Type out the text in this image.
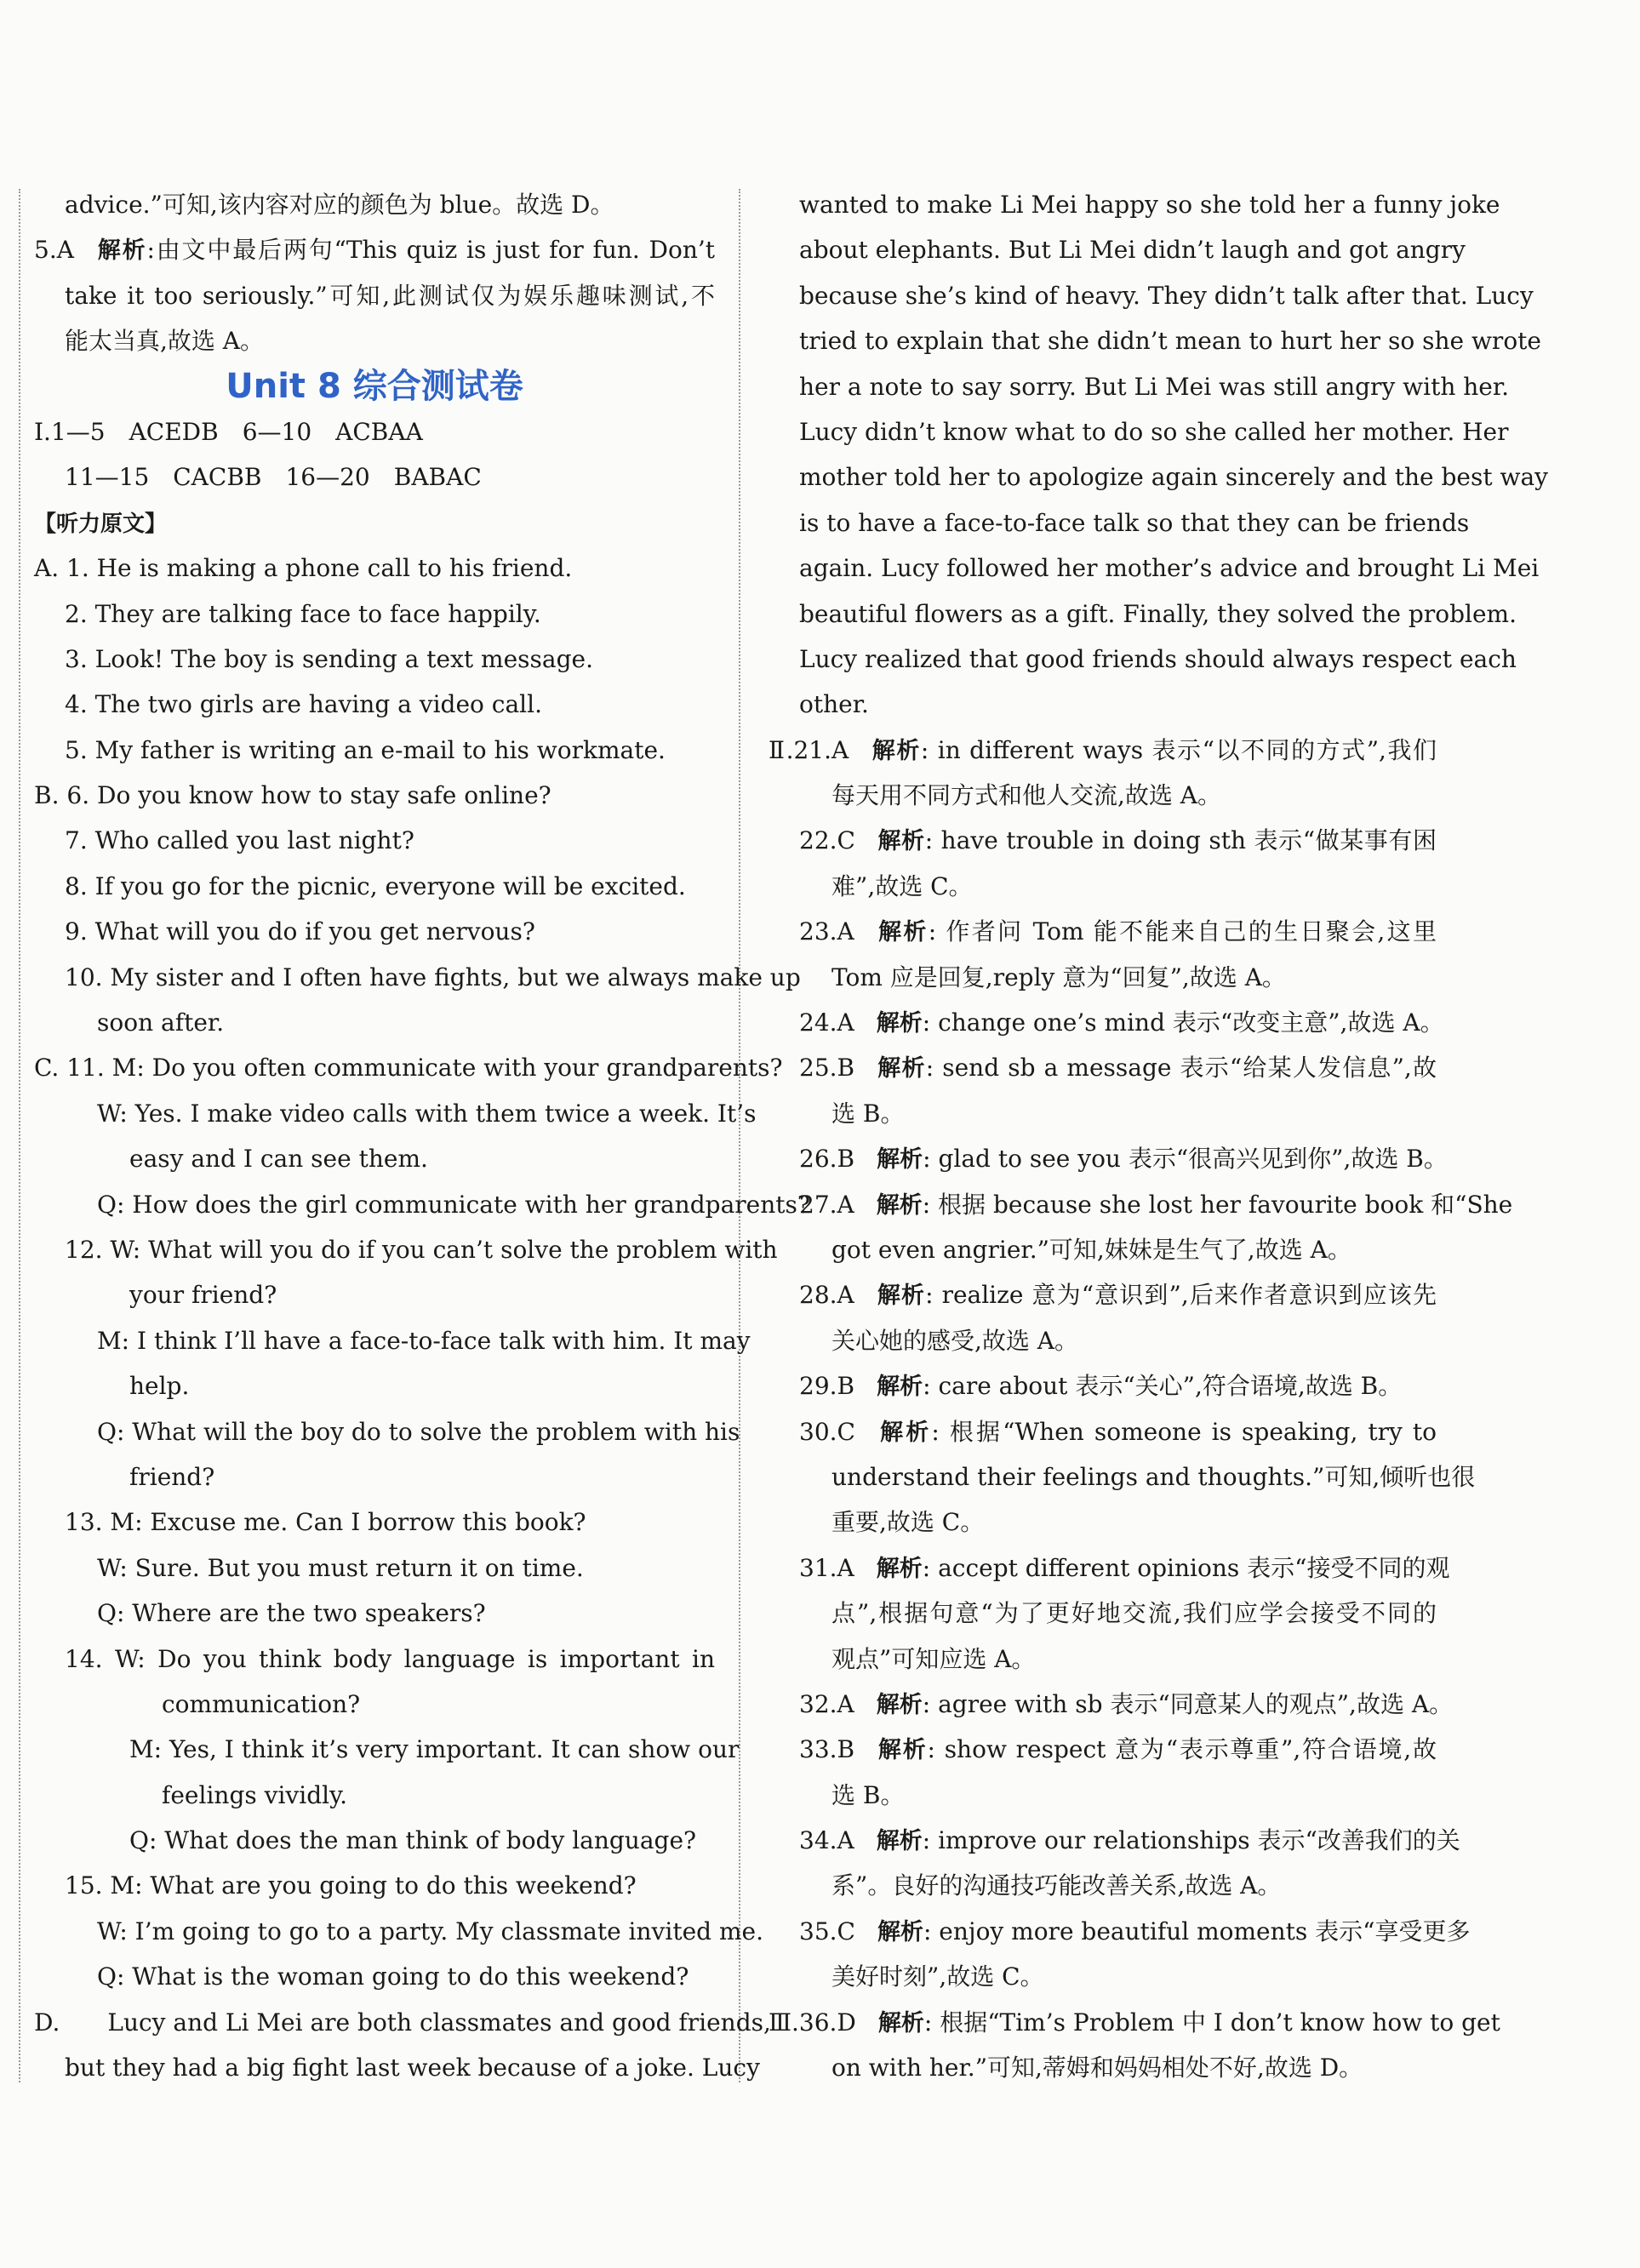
advice.”可知,该内容对应的颜色为 blue。故选 D。
5.A 解析:由文中最后两句“This quiz is just for fun. Don’t
take it too seriously.”可知,此测试仅为娱乐趣味测试,不
能太当真,故选 A。
Unit 8 综合测试卷
Ⅰ.1—5　ACEDB　6—10　ACBAA
11—15　CACBB　16—20　BABAC
【听力原文】
A. 1. He is making a phone call to his friend.
2. They are talking face to face happily.
3. Look! The boy is sending a text message.
4. The two girls are having a video call.
5. My father is writing an e-mail to his workmate.
B. 6. Do you know how to stay safe online?
7. Who called you last night?
8. If you go for the picnic, everyone will be excited.
9. What will you do if you get nervous?
10. My sister and I often have fights, but we always make up
soon after.
C. 11. M: Do you often communicate with your grandparents?
W: Yes. I make video calls with them twice a week. It’s
easy and I can see them.
Q: How does the girl communicate with her grandparents?
12. W: What will you do if you can’t solve the problem with
your friend?
M: I think I’ll have a face-to-face talk with him. It may
help.
Q: What will the boy do to solve the problem with his
friend?
13. M: Excuse me. Can I borrow this book?
W: Sure. But you must return it on time.
Q: Where are the two speakers?
14. W: Do you think body language is important in
communication?
M: Yes, I think it’s very important. It can show our
feelings vividly.
Q: What does the man think of body language?
15. M: What are you going to do this weekend?
W: I’m going to go to a party. My classmate invited me.
Q: What is the woman going to do this weekend?
D.　　Lucy and Li Mei are both classmates and good friends,
but they had a big fight last week because of a joke. Lucy
wanted to make Li Mei happy so she told her a funny joke
about elephants. But Li Mei didn’t laugh and got angry
because she’s kind of heavy. They didn’t talk after that. Lucy
tried to explain that she didn’t mean to hurt her so she wrote
her a note to say sorry. But Li Mei was still angry with her.
Lucy didn’t know what to do so she called her mother. Her
mother told her to apologize again sincerely and the best way
is to have a face-to-face talk so that they can be friends
again. Lucy followed her mother’s advice and brought Li Mei
beautiful flowers as a gift. Finally, they solved the problem.
Lucy realized that good friends should always respect each
other.
Ⅱ.21.A 解析: in different ways 表示“以不同的方式”,我们
每天用不同方式和他人交流,故选 A。
22.C 解析: have trouble in doing sth 表示“做某事有困
难”,故选 C。
23.A 解析: 作者问 Tom 能不能来自己的生日聚会,这里
Tom 应是回复,reply 意为“回复”,故选 A。
24.A 解析: change one’s mind 表示“改变主意”,故选 A。
25.B 解析: send sb a message 表示“给某人发信息”,故
选 B。
26.B 解析: glad to see you 表示“很高兴见到你”,故选 B。
27.A 解析: 根据 because she lost her favourite book 和“She
got even angrier.”可知,妹妹是生气了,故选 A。
28.A 解析: realize 意为“意识到”,后来作者意识到应该先
关心她的感受,故选 A。
29.B 解析: care about 表示“关心”,符合语境,故选 B。
30.C 解析: 根据“When someone is speaking, try to
understand their feelings and thoughts.”可知,倾听也很
重要,故选 C。
31.A 解析: accept different opinions 表示“接受不同的观
点”,根据句意“为了更好地交流,我们应学会接受不同的
观点”可知应选 A。
32.A 解析: agree with sb 表示“同意某人的观点”,故选 A。
33.B 解析: show respect 意为“表示尊重”,符合语境,故
选 B。
34.A 解析: improve our relationships 表示“改善我们的关
系”。良好的沟通技巧能改善关系,故选 A。
35.C 解析: enjoy more beautiful moments 表示“享受更多
美好时刻”,故选 C。
Ⅲ.36.D 解析: 根据“Tim’s Problem 中 I don’t know how to get
on with her.”可知,蒂姆和妈妈相处不好,故选 D。
